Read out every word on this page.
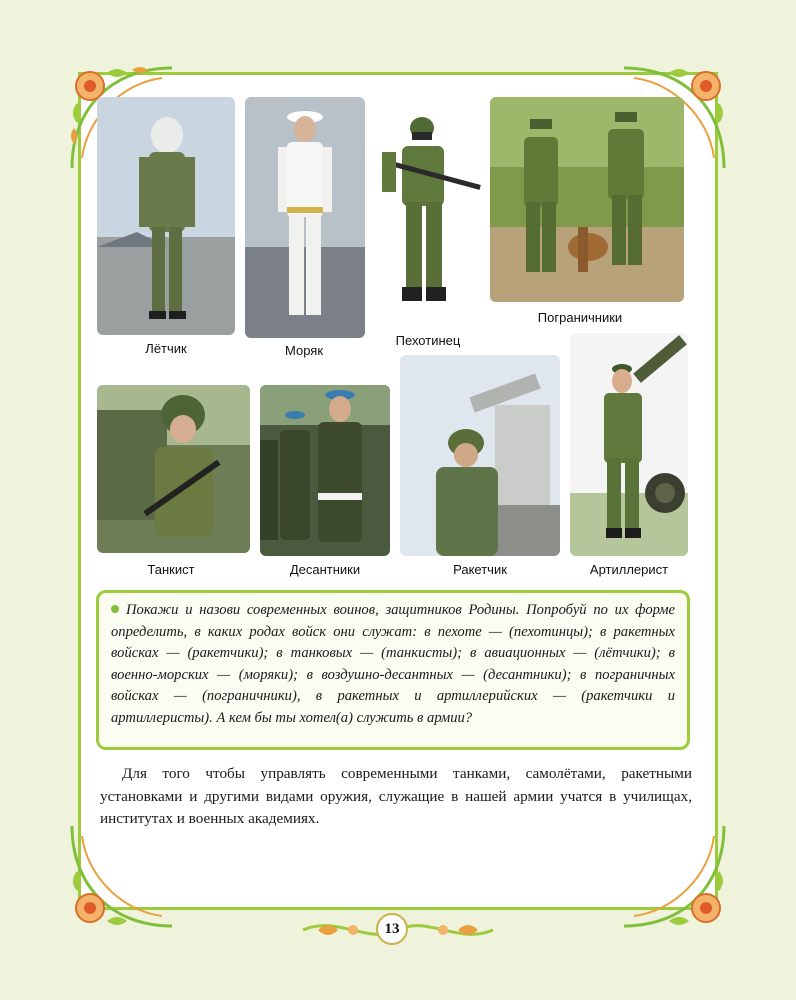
Лётчик	Моряк
Пехотинец
Пограничники
Танкист	Десантники	Ракетчик	Артиллерист

Покажи и назови современных воинов, защитников Родины. Попробуй по их форме определить, в каких родах войск они служат: в пехоте — (пехотинцы); в ракетных войсках — (ракетчики); в танковых — (танкисты); в авиационных — (лётчики); в военно-морских — (моряки); в воздушно-десантных — (десантники); в пограничных войсках — (пограничники), в ракетных и артиллерийских — (ракетчики и артиллеристы). А кем бы ты хотел(а) служить в армии?

Для того чтобы управлять современными танками, самолётами, ракетными установками и другими видами оружия, служащие в нашей армии учатся в училищах, институтах и военных академиях.

13
